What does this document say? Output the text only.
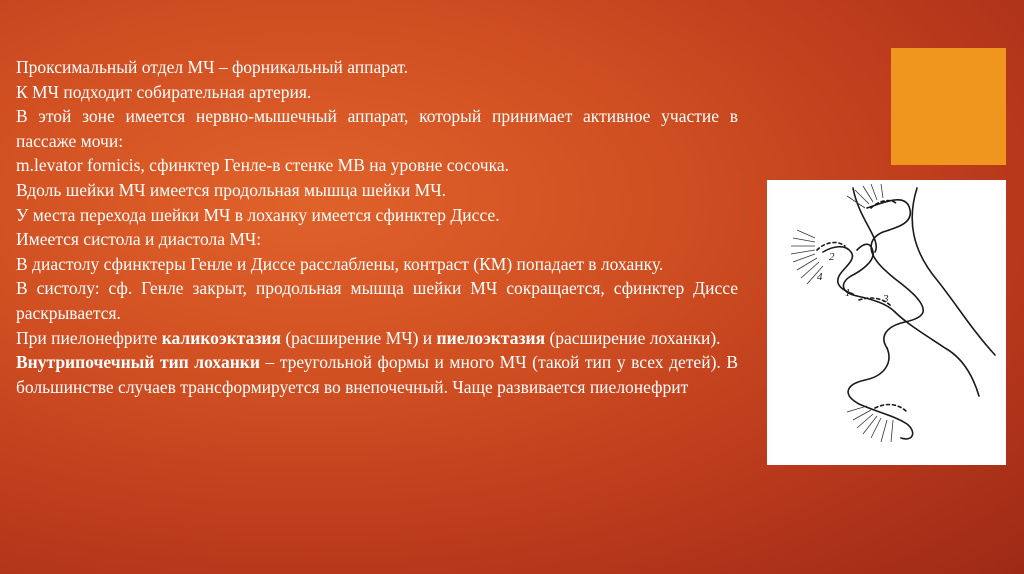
Проксимальный отдел МЧ – форникальный аппарат.

К МЧ подходит собирательная артерия.

В этой зоне имеется нервно-мышечный аппарат, который принимает активное участие в пассаже мочи:

m.levator fornicis, сфинктер Генле-в стенке МВ на уровне сосочка.

Вдоль шейки МЧ имеется продольная мышца шейки МЧ.

У места перехода шейки МЧ в лоханку имеется сфинктер Диссе.

Имеется систола и диастола МЧ:

В диастолу сфинктеры Генле и Диссе расслаблены, контраст (КМ) попадает в лоханку.

В систолу: сф. Генле закрыт, продольная мышца шейки МЧ сокращается, сфинктер Диссе раскрывается.

При пиелонефрите каликоэктазия (расширение МЧ) и пиелоэктазия (расширение лоханки).

Внутрипочечный тип лоханки – треугольной формы и много МЧ (такой тип у всех детей). В большинстве случаев трансформируется во внепочечный. Чаще развивается пиелонефрит

2
4
1	3
